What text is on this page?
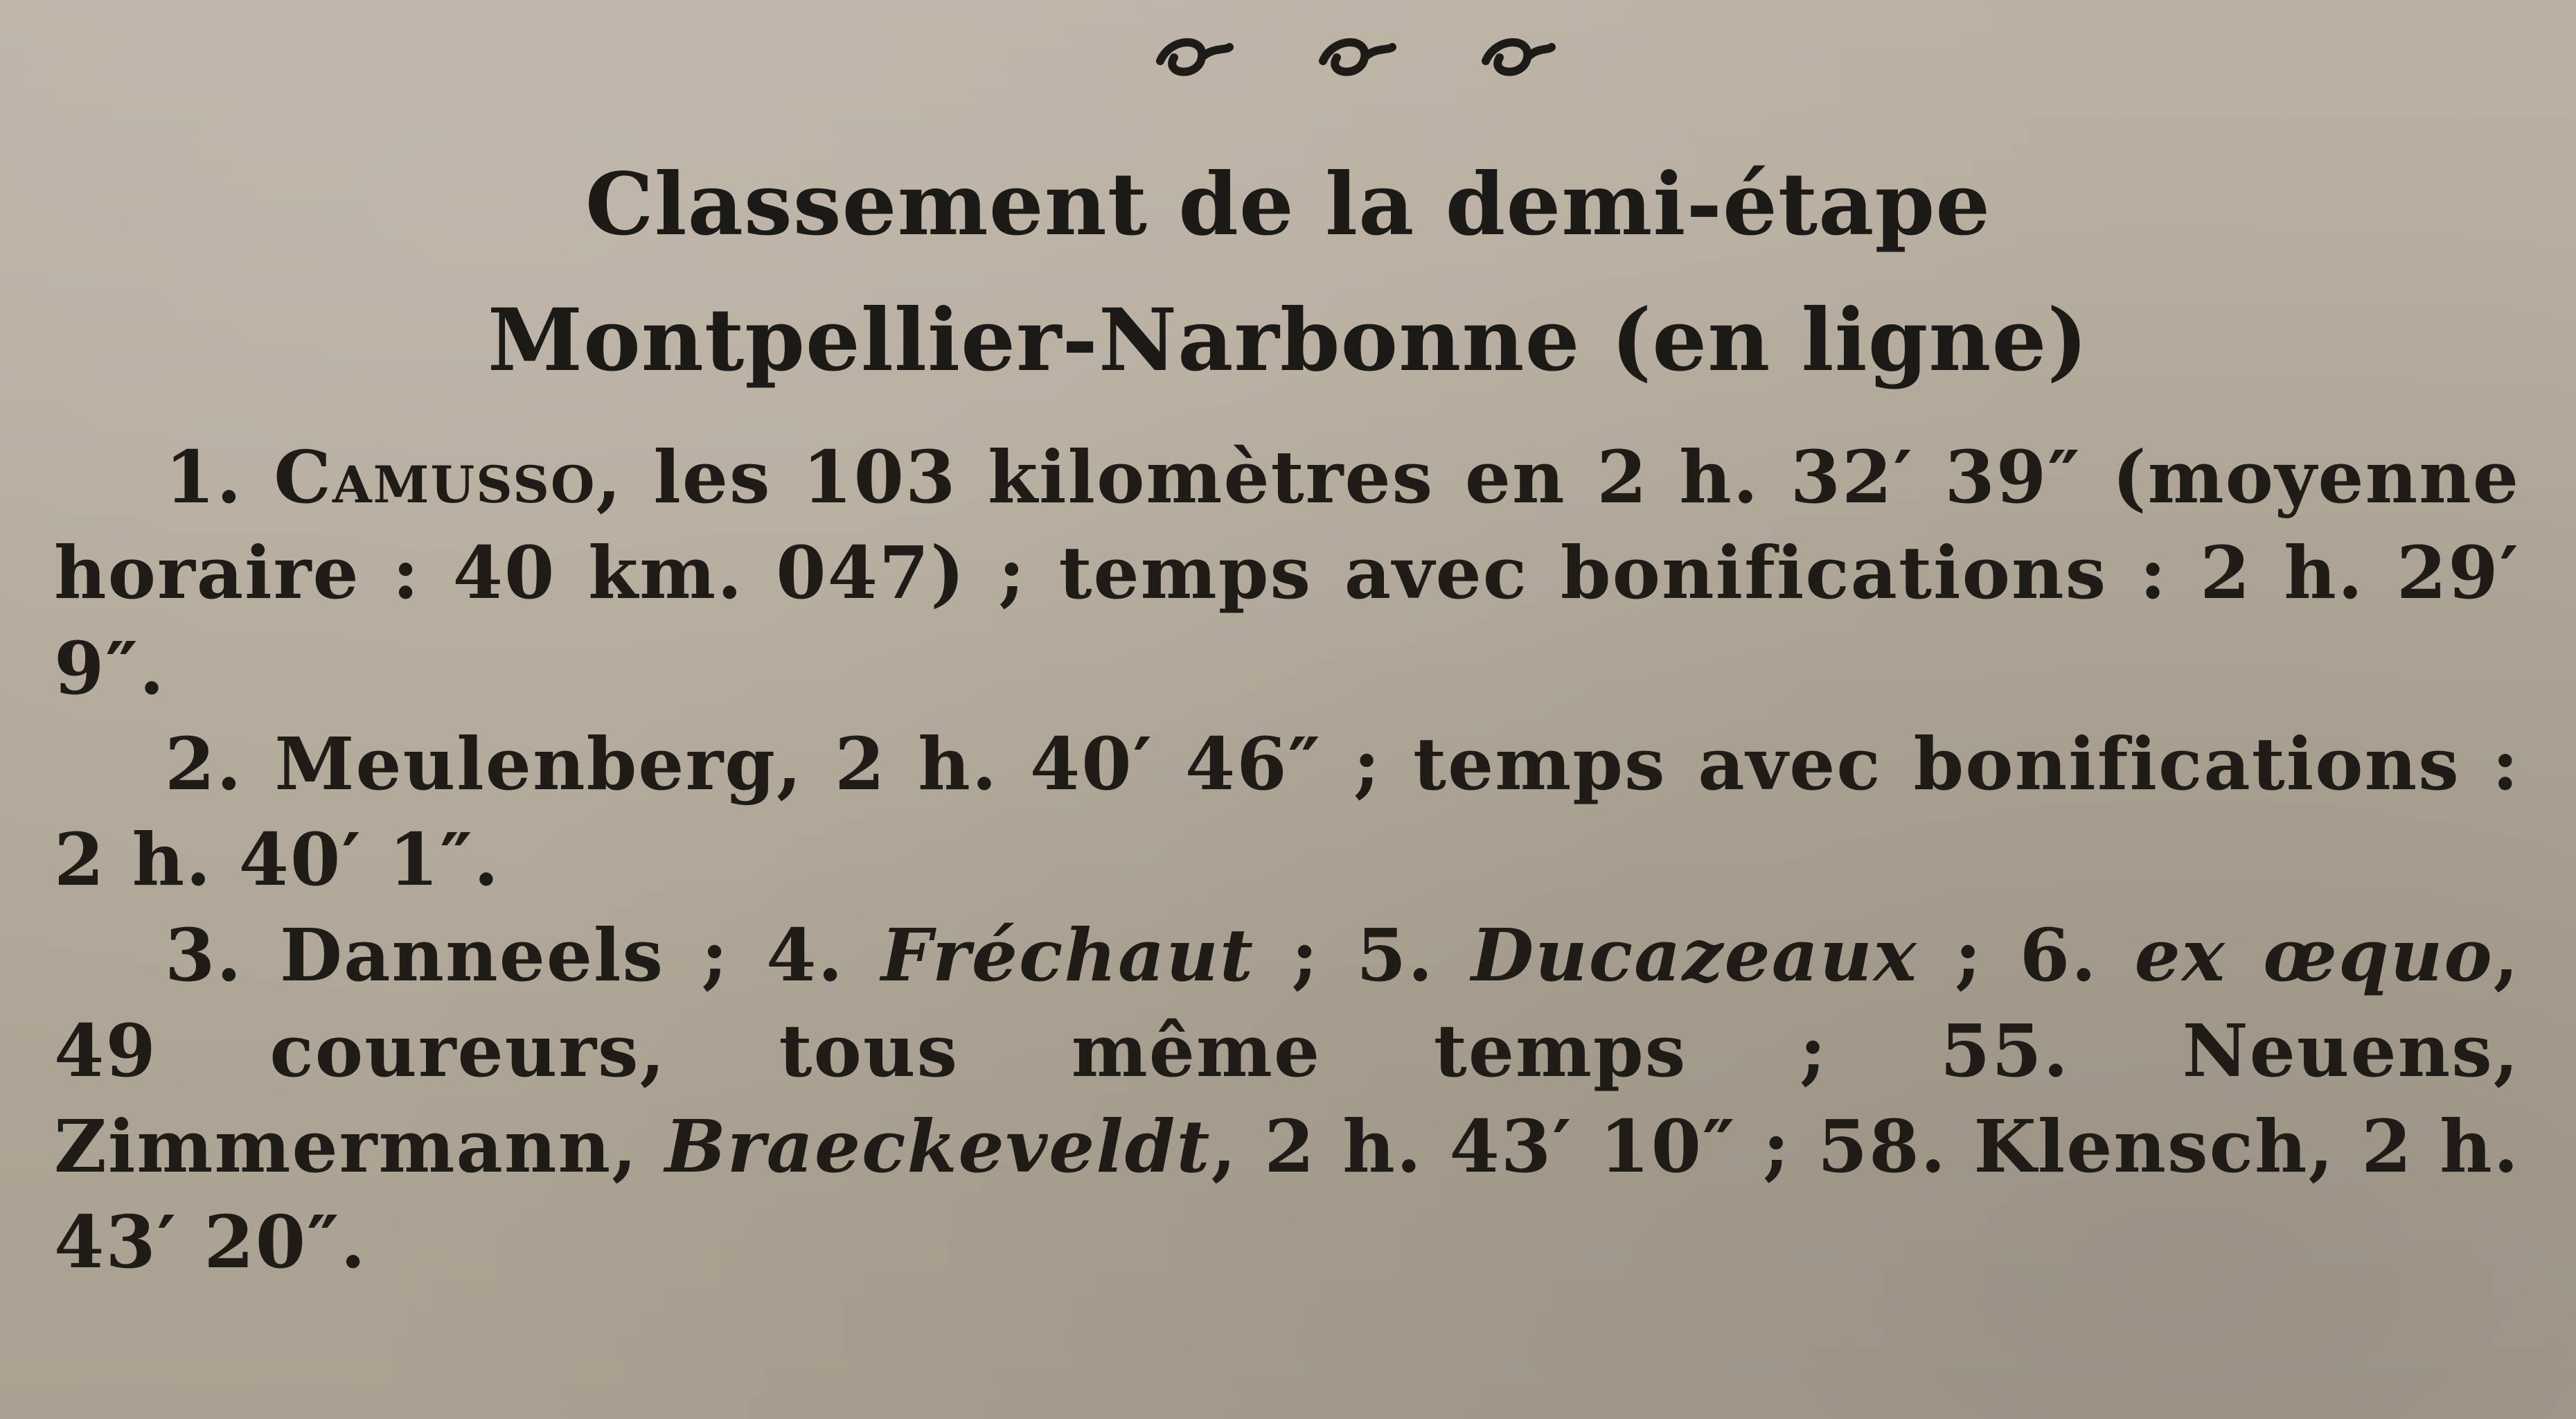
Classement de la demi-étape
Montpellier-Narbonne (en ligne)

1. Camusso, les 103 kilomètres en 2 h. 32′ 39″ (moyenne horaire : 40 km. 047) ; temps avec bonifications : 2 h. 29′ 9″.

2. Meulenberg, 2 h. 40′ 46″ ; temps avec bonifications : 2 h. 40′ 1″.

3. Danneels ; 4. Fréchaut ; 5. Ducazeaux ; 6. ex œquo, 49 coureurs, tous même temps ; 55. Neuens, Zimmermann, Braeckeveldt, 2 h. 43′ 10″ ; 58. Klensch, 2 h. 43′ 20″.
